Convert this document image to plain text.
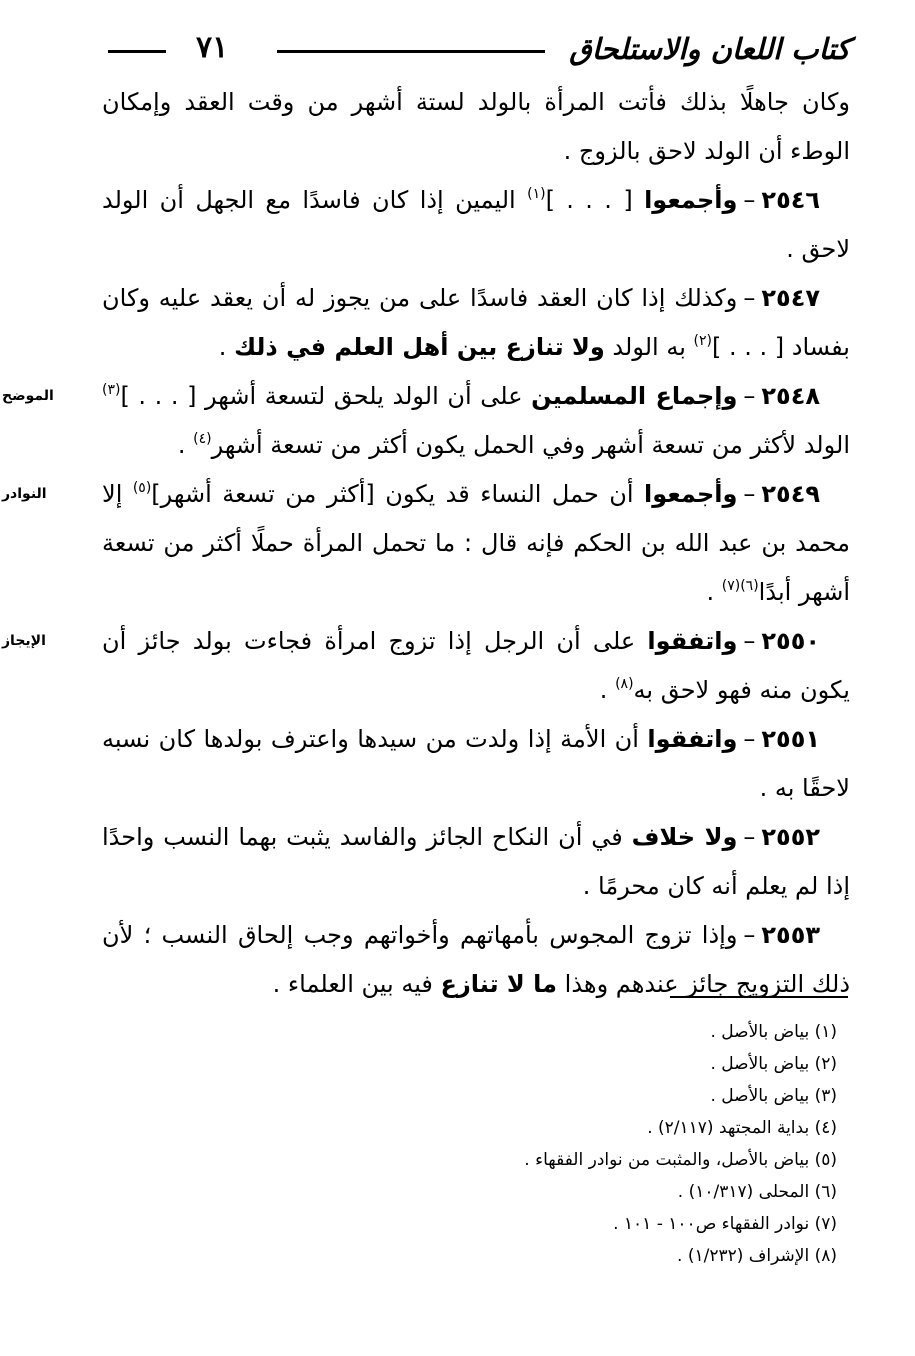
كتاب اللعان والاستلحاق
٧١

وكان جاهلًا بذلك فأتت المرأة بالولد لستة أشهر من وقت العقد وإمكان الوطء أن الولد لاحق بالزوج .

٢٥٤٦–وأجمعوا [ . . . ]$^{(١)}$ اليمين إذا كان فاسدًا مع الجهل أن الولد لاحق .

٢٥٤٧–وكذلك إذا كان العقد فاسدًا على من يجوز له أن يعقد عليه وكان بفساد [ . . . ]$^{(٢)}$ به الولد ولا تنازع بين أهل العلم في ذلك .

الموضح	٢٥٤٨–وإجماع المسلمين على أن الولد يلحق لتسعة أشهر [ . . . ]$^{(٣)}$ الولد لأكثر من تسعة أشهر وفي الحمل يكون أكثر من تسعة أشهر$^{(٤)}$ .

النوادر	٢٥٤٩–وأجمعوا أن حمل النساء قد يكون [أكثر من تسعة أشهر]$^{(٥)}$ إلا محمد بن عبد الله بن الحكم فإنه قال : ما تحمل المرأة حملًا أكثر من تسعة أشهر أبدًا$^{(٦)(٧)}$ .

الإيجاز	٢٥٥٠–واتفقوا على أن الرجل إذا تزوج امرأة فجاءت بولد جائز أن يكون منه فهو لاحق به$^{(٨)}$ .

٢٥٥١–واتفقوا أن الأمة إذا ولدت من سيدها واعترف بولدها كان نسبه لاحقًا به .

٢٥٥٢–ولا خلاف في أن النكاح الجائز والفاسد يثبت بهما النسب واحدًا إذا لم يعلم أنه كان محرمًا .

٢٥٥٣–وإذا تزوج المجوس بأمهاتهم وأخواتهم وجب إلحاق النسب ؛ لأن ذلك التزويج جائز عندهم وهذا ما لا تنازع فيه بين العلماء .

(١) بياض بالأصل .
(٢) بياض بالأصل .
(٣) بياض بالأصل .
(٤) بداية المجتهد (٢/١١٧) .
(٥) بياض بالأصل، والمثبت من نوادر الفقهاء .
(٦) المحلى (١٠/٣١٧) .
(٧) نوادر الفقهاء ص١٠٠ - ١٠١ .
(٨) الإشراف (١/٢٣٢) .
